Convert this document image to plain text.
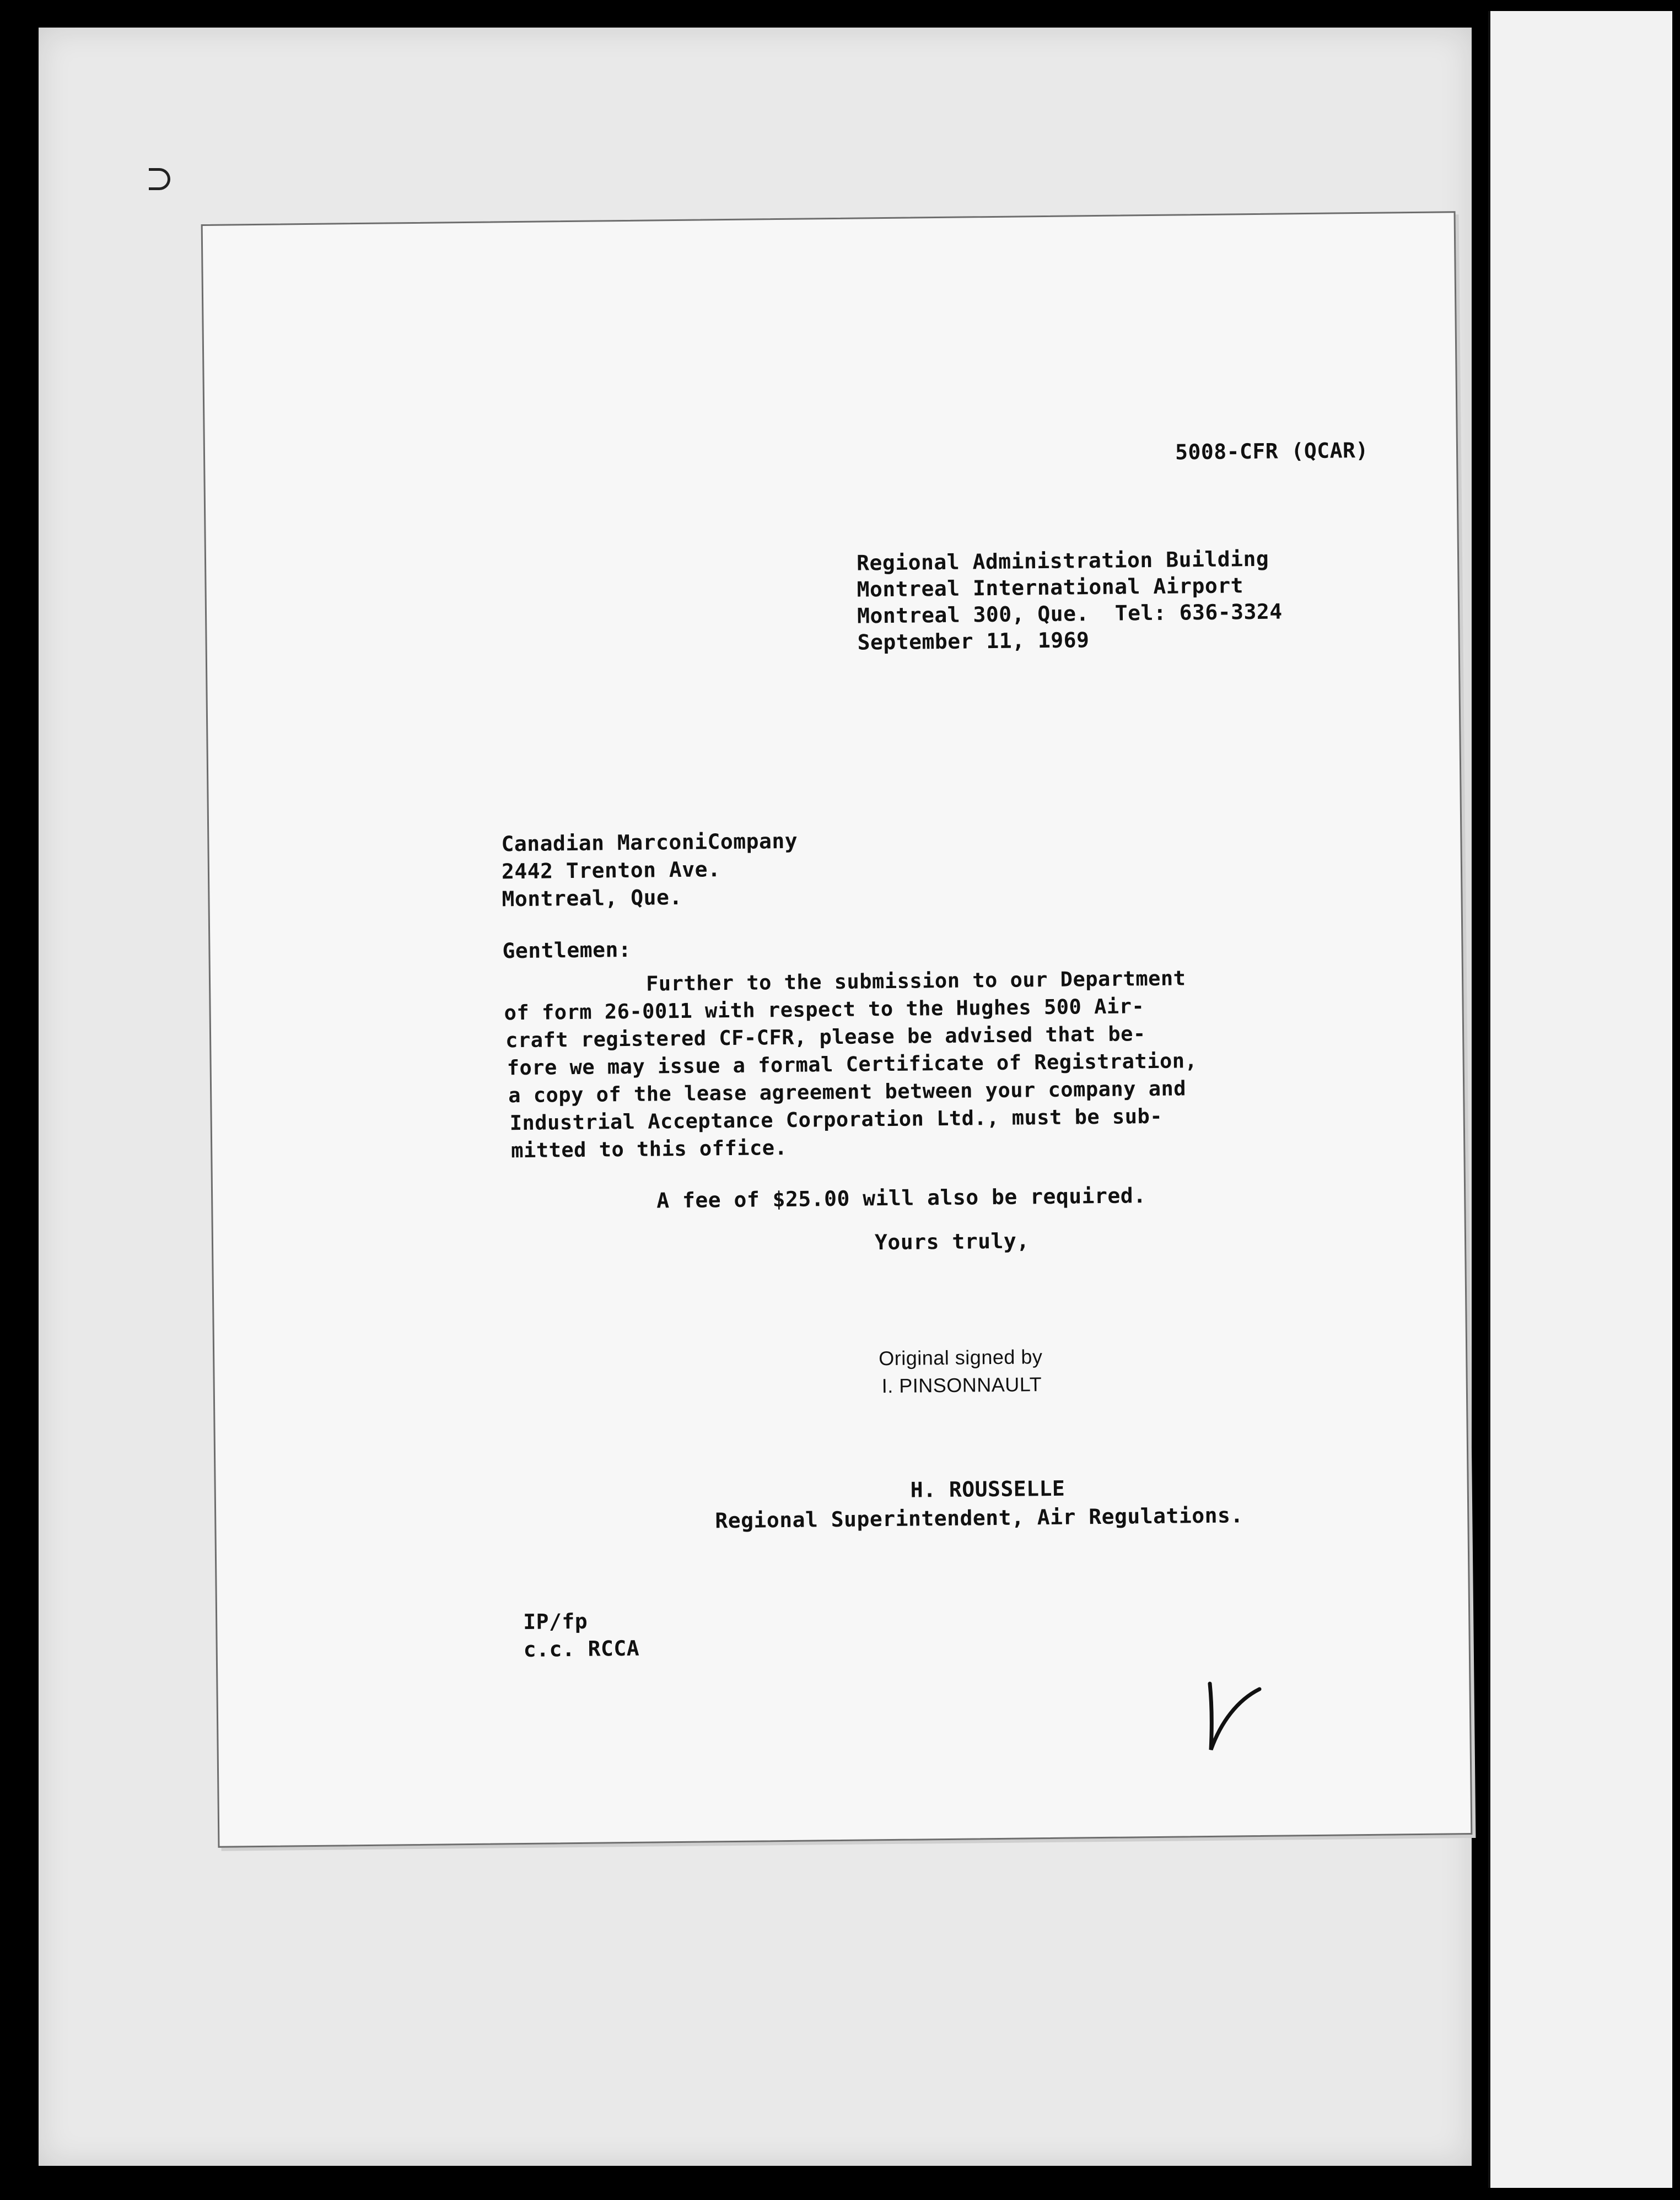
5008-CFR (QCAR)
Regional Administration Building
Montreal International Airport
Montreal 300, Que.  Tel: 636-3324
September 11, 1969
Canadian MarconiCompany
2442 Trenton Ave.
Montreal, Que.
Gentlemen:
Further to the submission to our Department
of form 26-0011 with respect to the Hughes 500 Air-
craft registered CF-CFR, please be advised that be-
fore we may issue a formal Certificate of Registration,
a copy of the lease agreement between your company and
Industrial Acceptance Corporation Ltd., must be sub-
mitted to this office.
A fee of $25.00 will also be required.
Yours truly,
Original signed by
I. PINSONNAULT
H. ROUSSELLE
Regional Superintendent, Air Regulations.
IP/fp
c.c. RCCA
